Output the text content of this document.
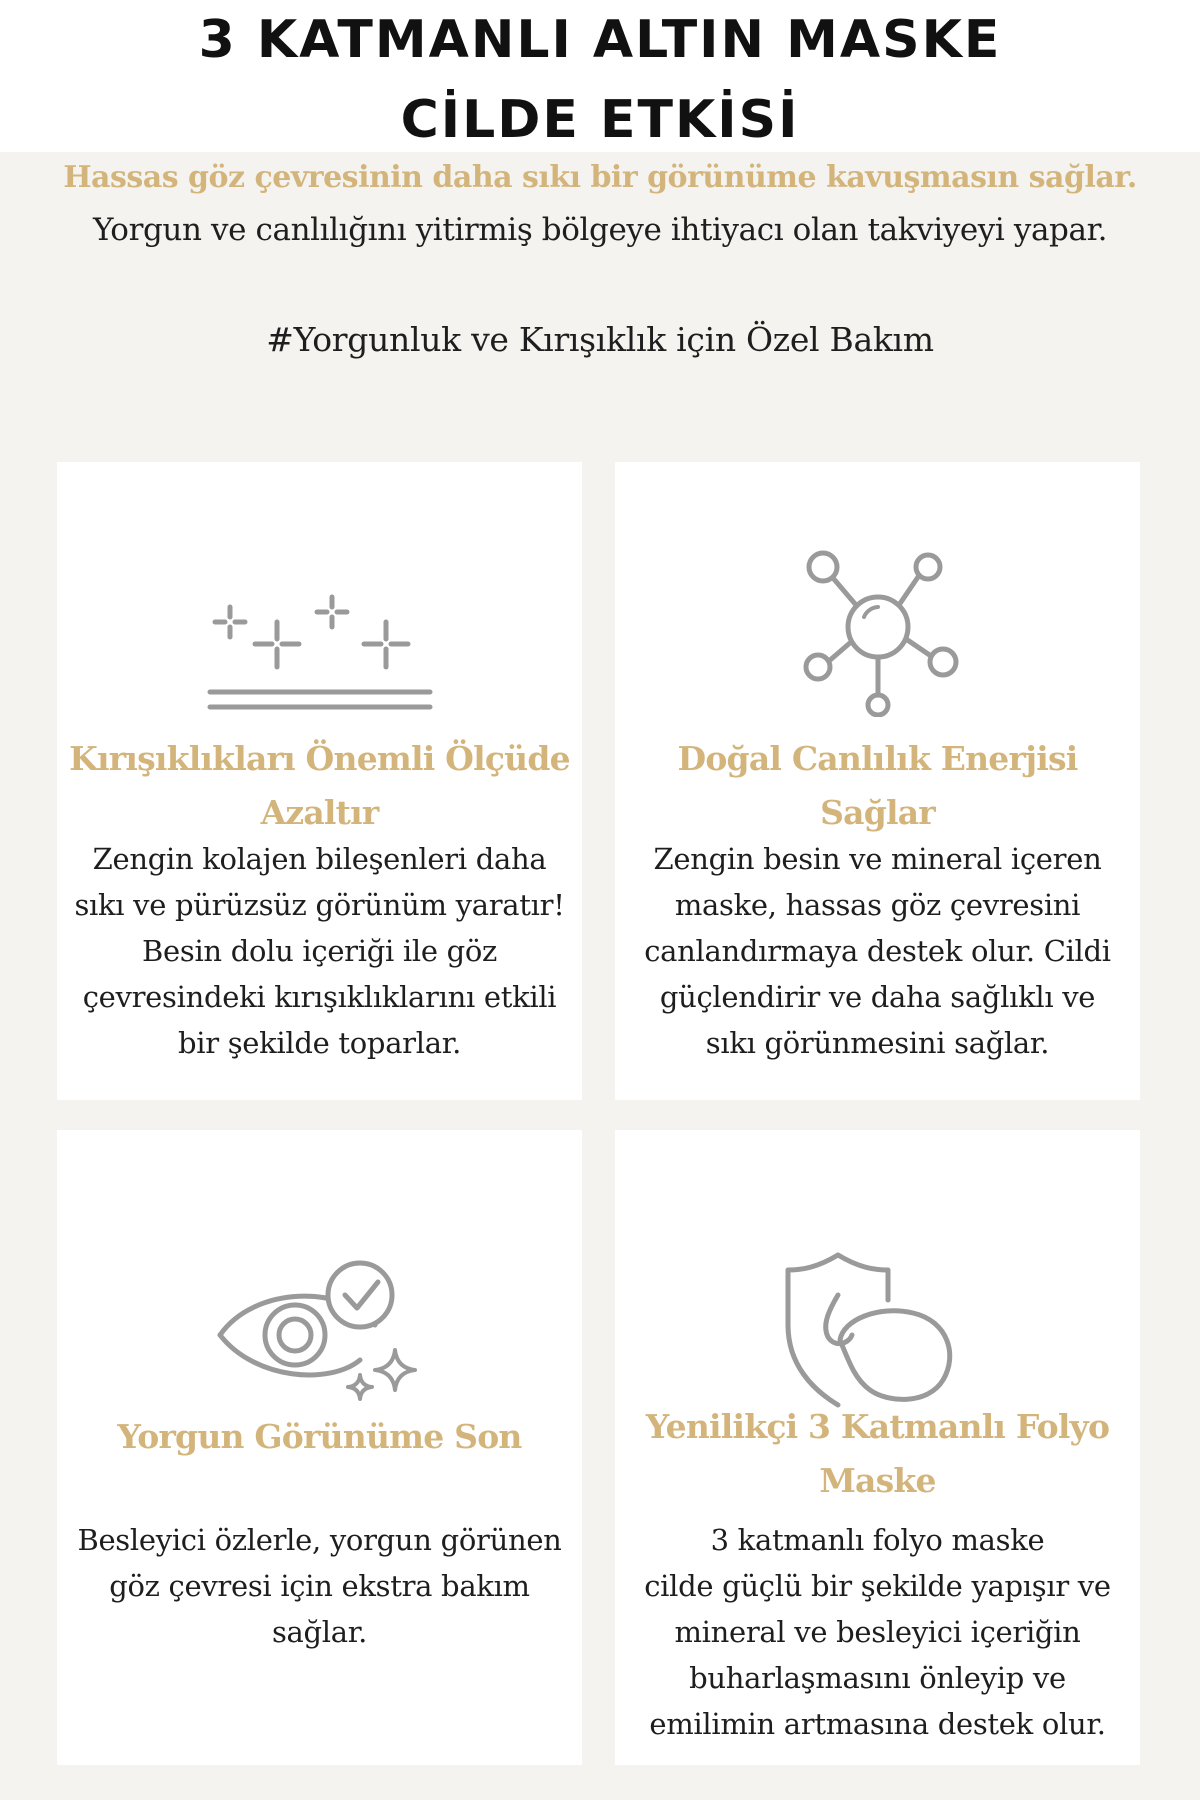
3 KATMANLI ALTIN MASKE
CİLDE ETKİSİ
Hassas göz çevresinin daha sıkı bir görünüme kavuşmasın sağlar.
Yorgun ve canlılığını yitirmiş bölgeye ihtiyacı olan takviyeyi yapar.
#Yorgunluk ve Kırışıklık için Özel Bakım
Kırışıklıkları Önemli Ölçüde
Azaltır
Zengin kolajen bileşenleri daha
sıkı ve pürüzsüz görünüm yaratır!
Besin dolu içeriği ile göz
çevresindeki kırışıklıklarını etkili
bir şekilde toparlar.
Doğal Canlılık Enerjisi
Sağlar
Zengin besin ve mineral içeren
maske, hassas göz çevresini
canlandırmaya destek olur. Cildi
güçlendirir ve daha sağlıklı ve
sıkı görünmesini sağlar.
Yorgun Görünüme Son
Besleyici özlerle, yorgun görünen
göz çevresi için ekstra bakım
sağlar.
Yenilikçi 3 Katmanlı Folyo
Maske
3 katmanlı folyo maske
cilde güçlü bir şekilde yapışır ve
mineral ve besleyici içeriğin
buharlaşmasını önleyip ve
emilimin artmasına destek olur.
